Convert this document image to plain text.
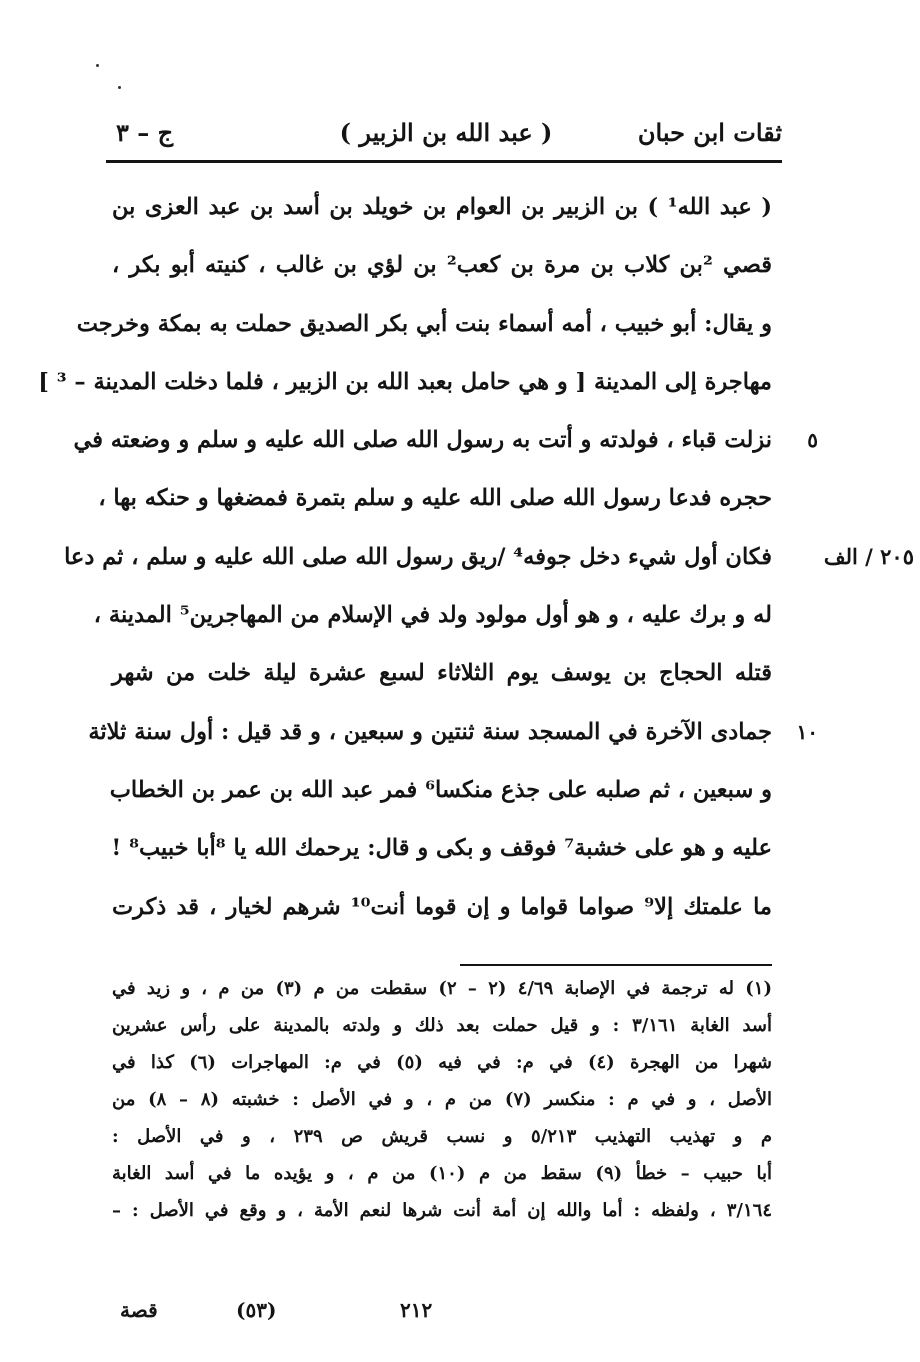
ثقات ابن حبان
( عبد الله بن الزبير )
ج – ٣
( عبد الله¹ ) بن الزبير بن العوام بن خويلد بن أسد بن عبد العزى بن
قصي ²بن كلاب بن مرة بن كعب² بن لؤي بن غالب ، كنيته أبو بكر ،
و يقال: أبو خبيب ، أمه أسماء بنت أبي بكر الصديق حملت به بمكة وخرجت
مهاجرة إلى المدينة [ و هي حامل بعبد الله بن الزبير ، فلما دخلت المدينة – ³ ]
نزلت قباء ، فولدته و أتت به رسول الله صلى الله عليه و سلم و وضعته في ٥
حجره فدعا رسول الله صلى الله عليه و سلم بتمرة فمضغها و حنكه بها ،
فكان أول شيء دخل جوفه⁴ /ريق رسول الله صلى الله عليه و سلم ، ثم دعا ٢٠٥ / الف
له و برك عليه ، و هو أول مولود ولد في الإسلام من المهاجرين⁵ المدينة ،
قتله الحجاج بن يوسف يوم الثلاثاء لسبع عشرة ليلة خلت من شهر
جمادى الآخرة في المسجد سنة ثنتين و سبعين ، و قد قيل : أول سنة ثلاثة ١٠
و سبعين ، ثم صلبه على جذع منكسا⁶ فمر عبد الله بن عمر بن الخطاب
عليه و هو على خشبة⁷ فوقف و بكى و قال: يرحمك الله يا ⁸أبا خبيب⁸ !
ما علمتك إلا⁹ صواما قواما و إن قوما أنت¹⁰ شرهم لخيار ، قد ذكرت
(١) له ترجمة في الإصابة ٤/٦٩ (٢ – ٢) سقطت من م (٣) من م ، و زيد في
أسد الغابة ٣/١٦١ : و قيل حملت بعد ذلك و ولدته بالمدينة على رأس عشرين
شهرا من الهجرة (٤) في م: في فيه (٥) في م: المهاجرات (٦) كذا في
الأصل ، و في م : منكسر (٧) من م ، و في الأصل : خشبته (٨ – ٨) من
م و تهذيب التهذيب ٥/٢١٣ و نسب قريش ص ٢٣٩ ، و في الأصل :
أبا حبيب – خطأ (٩) سقط من م (١٠) من م ، و يؤيده ما في أسد الغابة
٣/١٦٤ ، ولفظه : أما والله إن أمة أنت شرها لنعم الأمة ، و وقع في الأصل : –
٢١٢
(٥٣)
قصة
